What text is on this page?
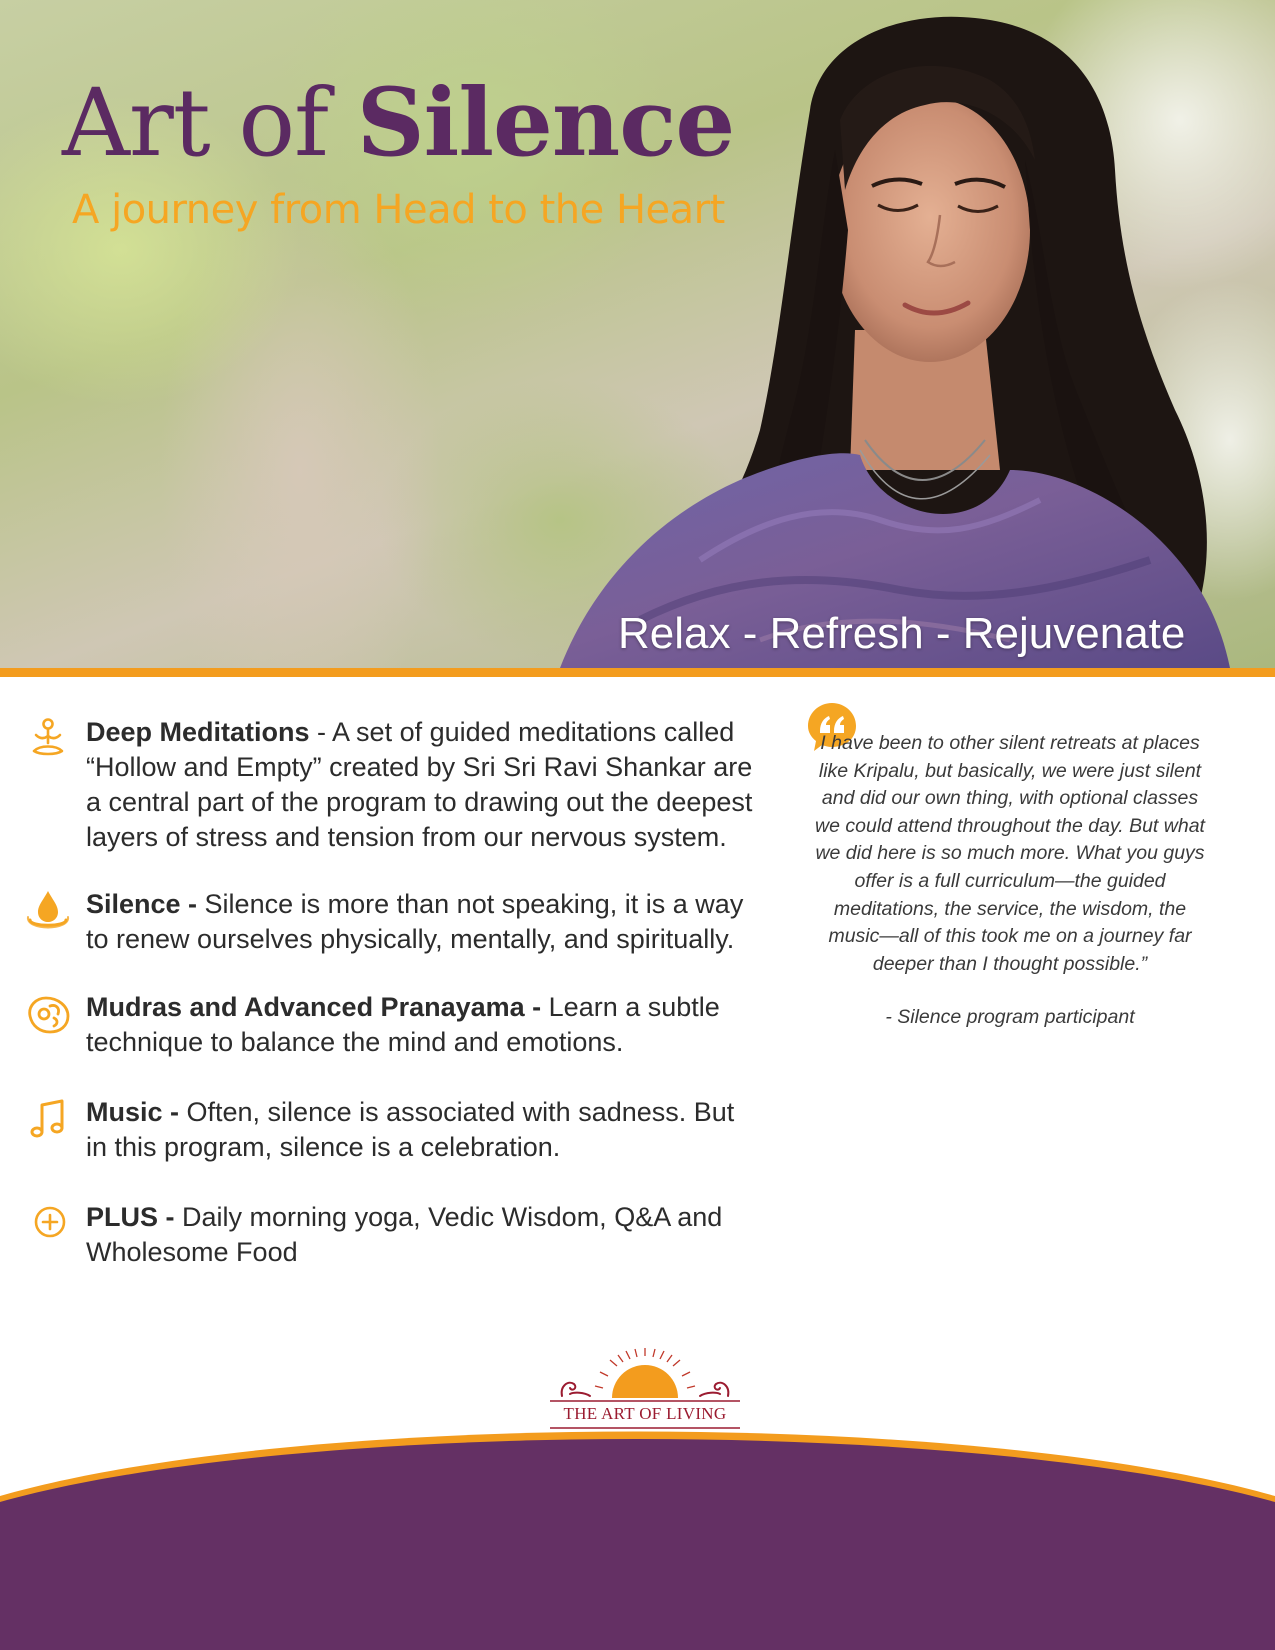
Art of Silence

A journey from Head to the Heart

Relax - Refresh - Rejuvenate

Deep Meditations - A set of guided meditations called “Hollow and Empty” created by Sri Sri Ravi Shankar are a central part of the program to drawing out the deepest layers of stress and tension from our nervous system.

Silence - Silence is more than not speaking, it is a way to renew ourselves physically, mentally, and spiritually.

Mudras and Advanced Pranayama - Learn a subtle technique to balance the mind and emotions.

Music - Often, silence is associated with sadness. But in this program, silence is a celebration.

PLUS - Daily morning yoga, Vedic Wisdom, Q&A and Wholesome Food

I have been to other silent retreats at places like Kripalu, but basically, we were just silent and did our own thing, with optional classes we could attend throughout the day. But what we did here is so much more. What you guys offer is a full curriculum—the guided meditations, the service, the wisdom, the music—all of this took me on a journey far deeper than I thought possible.”

- Silence program participant

THE ART OF LIVING
